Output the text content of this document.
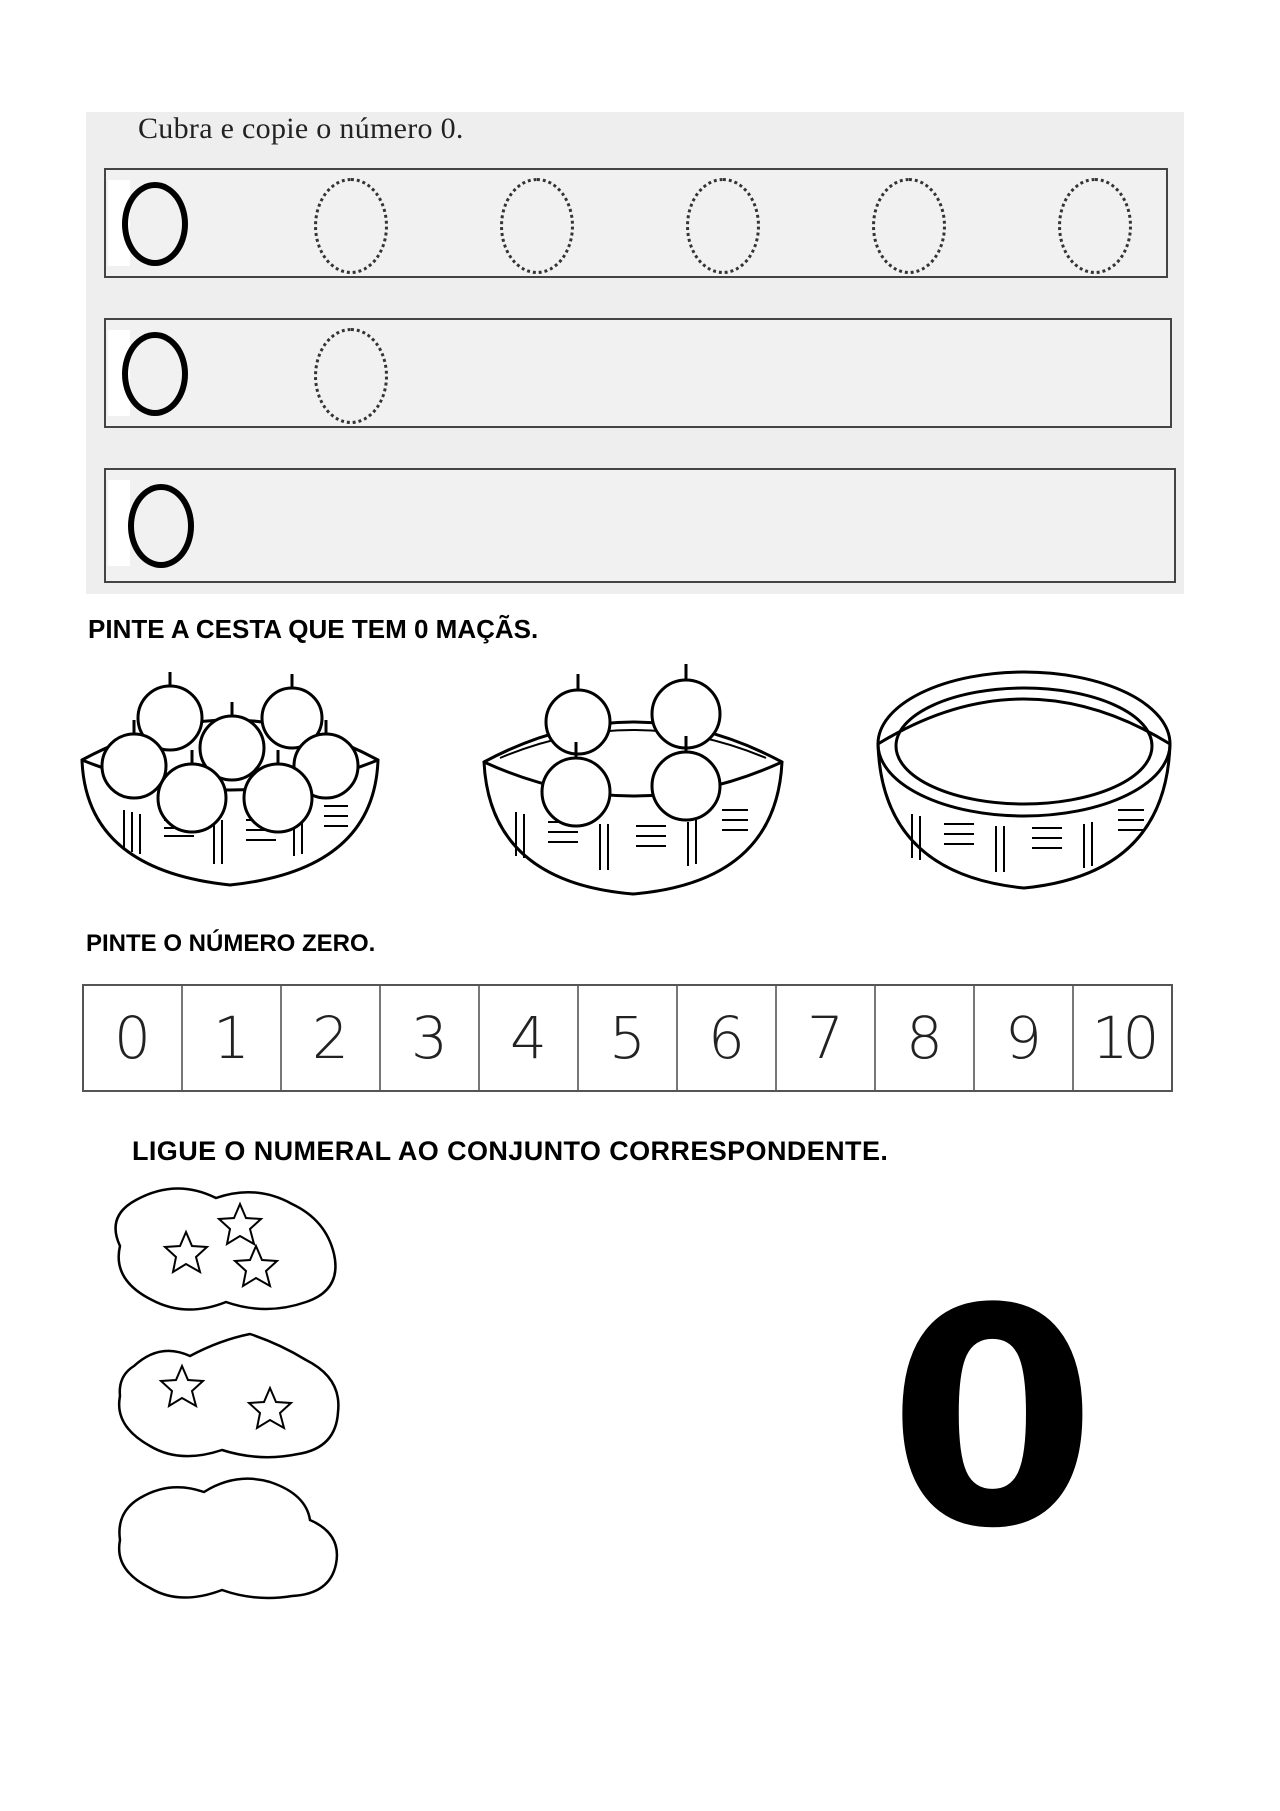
Cubra e copie o número 0.
PINTE A CESTA QUE TEM 0 MAÇÃS.
PINTE O NÚMERO ZERO.
0	1	2	3	4	5	6	7	8	9 10
LIGUE O NUMERAL AO CONJUNTO CORRESPONDENTE.
0
